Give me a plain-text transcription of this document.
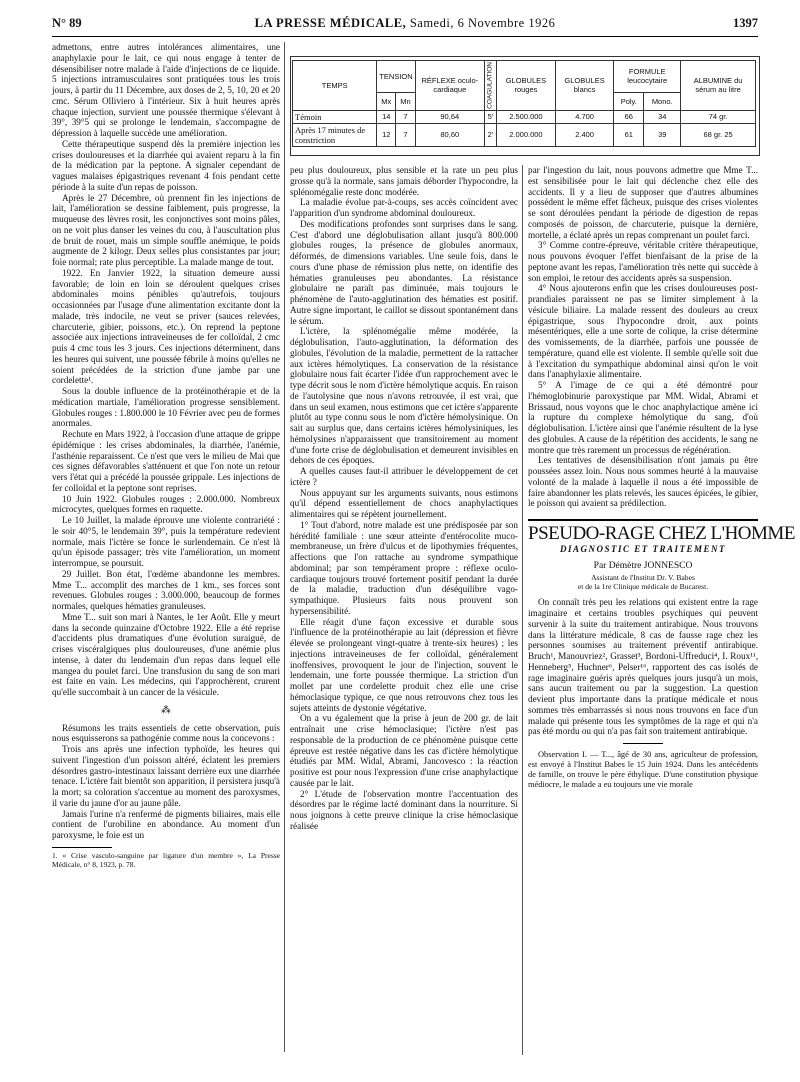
N° 89	LA PRESSE MÉDICALE, Samedi, 6 Novembre 1926	1397

admettons, entre autres intolérances alimentaires, une anaphylaxie pour le lait, ce qui nous engage à tenter de désensibiliser notre malade à l'aide d'injections de ce liquide. 5 injections intramusculaires sont pratiquées tous les trois jours, à partir du 11 Décembre, aux doses de 2, 5, 10, 20 et 20 cmc. Sérum Olliviero à l'intérieur. Six à huit heures après chaque injection, survient une poussée thermique s'élevant à 39°, 39°5 qui se prolonge le lendemain, s'accompagne de dépression à laquelle succède une amélioration.

Cette thérapeutique suspend dès la première injection les crises douloureuses et la diarrhée qui avaient reparu à la fin de la médication par la peptone. A signaler cependant de vagues malaises épigastriques revenant 4 fois pendant cette période à la suite d'un repas de poisson.

Après le 27 Décembre, où prennent fin les injections de lait, l'amélioration se dessine faiblement, puis progresse, la muqueuse des lèvres rosit, les conjonctives sont moins pâles, on ne voit plus danser les veines du cou, à l'auscultation plus de bruit de rouet, mais un simple souffle anémique, le poids augmente de 2 kilogr. Deux selles plus consistantes par jour; foie normal; rate plus perceptible. La malade mange de tout.

1922. En Janvier 1922, la situation demeure aussi favorable; de loin en loin se déroulent quelques crises abdominales moins pénibles qu'autrefois, toujours occasionnées par l'usage d'une alimentation excitante dont la malade, très indocile, ne veut se priver (sauces relevées, charcuterie, gibier, poissons, etc.). On reprend la peptone associée aux injections intraveineuses de fer colloïdal, 2 cmc puis 4 cmc tous les 3 jours. Ces injections déterminent, dans les heures qui suivent, une poussée fébrile à moins qu'elles ne soient précédées de la striction d'une jambe par une cordelette¹.

Sous la double influence de la protéinothérapie et de la médication martiale, l'amélioration progresse sensiblement. Globules rouges : 1.800.000 le 10 Février avec peu de formes anormales.

Rechute en Mars 1922, à l'occasion d'une attaque de grippe épidémique : les crises abdominales, la diarrhée, l'anémie, l'asthénie reparaissent. Ce n'est que vers le milieu de Mai que ces signes défavorables s'atténuent et que l'on note un retour vers l'état qui a précédé la poussée grippale. Les injections de fer colloïdal et la peptone sont reprises.

10 Juin 1922. Globules rouges : 2.000.000. Nombreux microcytes, quelques formes en raquette.

Le 10 Juillet, la malade éprouve une violente contrariété : le soir 40°5, le lendemain 39°, puis la température redevient normale, mais l'ictère se fonce le surlendemain. Ce n'est là qu'un épisode passager; très vite l'amélioration, un moment interrompue, se poursuit.

29 Juillet. Bon état, l'œdème abandonne les membres. Mme T... accomplit des marches de 1 km., ses forces sont revenues. Globules rouges : 3.000.000, beaucoup de formes normales, quelques hématies granuleuses.

Mme T... suit son mari à Nantes, le 1er Août. Elle y meurt dans la seconde quinzaine d'Octobre 1922. Elle a été reprise d'accidents plus dramatiques d'une évolution suraiguë, de crises viscéralgiques plus douloureuses, d'une anémie plus intense, à dater du lendemain d'un repas dans lequel elle mangea du poulet farci. Une transfusion du sang de son mari est faite en vain. Les médecins, qui l'approchèrent, crurent qu'elle succombait à un cancer de la vésicule.

⁂

Résumons les traits essentiels de cette observation, puis nous esquisserons sa pathogénie comme nous la concevons :

Trois ans après une infection typhoïde, les heures qui suivent l'ingestion d'un poisson altéré, éclatent les premiers désordres gastro-intestinaux laissant derrière eux une diarrhée tenace. L'ictère fait bientôt son apparition, il persistera jusqu'à la mort; sa coloration s'accentue au moment des paroxysmes, il varie du jaune d'or au jaune pâle.

Jamais l'urine n'a renfermé de pigments biliaires, mais elle contient de l'urobiline en abondance. Au moment d'un paroxysme, le foie est un

1. « Crise vasculo-sanguine par ligature d'un membre », La Presse Médicale, n° 8, 1923, p. 78.
TEMPS	TENSION		RÉFLEXE oculo-cardiaque	COAGULATION	GLOBULES rouges	GLOBULES blancs	FORMULE leucocytaire		ALBUMINE du sérum au litre
	Mx	Mn					Poly.	Mono.	
Témoin	14	7	90,64	5'	2.500.000	4.700	66	34	74 gr.
Après 17 minutes de constriction	12	7	80,60	2'	2.000.000	2.400	61	39	68 gr. 25

peu plus douloureux, plus sensible et la rate un peu plus grosse qu'à la normale, sans jamais déborder l'hypocondre, la splénomégalie reste donc modérée.

La maladie évolue par-à-coups, ses accès coïncident avec l'apparition d'un syndrome abdominal douloureux.

Des modifications profondes sont surprises dans le sang. C'est d'abord une déglobulisation allant jusqu'à 800.000 globules rouges, la présence de globules anormaux, déformés, de dimensions variables. Une seule fois, dans le cours d'une phase de rémission plus nette, on identifie des hématies granuleuses peu abondantes. La résistance globulaire ne paraît pas diminuée, mais toujours le phénomène de l'auto-agglutination des hématies est positif. Autre signe important, le caillot se dissout spontanément dans le sérum.

L'ictère, la splénomégalie même modérée, la déglobulisation, l'auto-agglutination, la déformation des globules, l'évolution de la maladie, permettent de la rattacher aux ictères hémolytiques. La conservation de la résistance globulaire nous fait écarter l'idée d'un rapprochement avec le type décrit sous le nom d'ictère hémolytique acquis. En raison de l'autolysine que nous n'avons retrouvée, il est vrai, que dans un seul examen, nous estimons que cet ictère s'apparente plutôt au type connu sous le nom d'ictère hémolysinique. On sait au surplus que, dans certains ictères hémolysiniques, les hémolysines n'apparaissent que transitoirement au moment d'une forte crise de déglobulisation et demeurent invisibles en dehors de ces époques.

A quelles causes faut-il attribuer le développement de cet ictère ?

Nous appuyant sur les arguments suivants, nous estimons qu'il dépend essentiellement de chocs anaphylactiques alimentaires qui se répètent journellement.

1° Tout d'abord, notre malade est une prédisposée par son hérédité familiale : une sœur atteinte d'entérocolite muco-membraneuse, un frère d'ulcus et de lipothymies fréquentes, affections que l'on rattache au syndrome sympathique abdominal; par son tempérament propre : réflexe oculo-cardiaque toujours trouvé fortement positif pendant la durée de la maladie, traduction d'un déséquilibre vago-sympathique. Plusieurs faits nous prouvent son hypersensibilité.

Elle réagit d'une façon excessive et durable sous l'influence de la protéinothérapie au lait (dépression et fièvre élevée se prolongeant vingt-quatre à trente-six heures) ; les injections intraveineuses de fer colloïdal, généralement inoffensives, provoquent le jour de l'injection, souvent le lendemain, une forte poussée thermique. La striction d'un mollet par une cordelette produit chez elle une crise hémoclasique typique, ce que nous retrouvons chez tous les sujets atteints de dystonie végétative.

On a vu également que la prise à jeun de 200 gr. de lait entraînait une crise hémoclasique; l'ictère n'est pas responsable de la production de ce phénomène puisque cette épreuve est restée négative dans les cas d'ictère hémolytique étudiés par MM. Widal, Abrami, Jancovesco : la réaction positive est pour nous l'expression d'une crise anaphylactique causée par le lait.

2° L'étude de l'observation montre l'accentuation des désordres par le régime lacté dominant dans la nourriture. Si nous joignons à cette preuve clinique la crise hémoclasique réalisée

par l'ingestion du lait, nous pouvons admettre que Mme T... est sensibilisée pour le lait qui déclenche chez elle des accidents. Il y a lieu de supposer que d'autres albumines possèdent le même effet fâcheux, puisque des crises violentes se sont déroulées pendant la période de digestion de repas composés de poisson, de charcuterie, puisque la dernière, mortelle, a éclaté après un repas comprenant un poulet farci.

3° Comme contre-épreuve, véritable critère thérapeutique, nous pouvons évoquer l'effet bienfaisant de la prise de la peptone avant les repas, l'amélioration très nette qui succède à son emploi, le retour des accidents après sa suspension.

4° Nous ajouterons enfin que les crises douloureuses post-prandiales paraissent ne pas se limiter simplement à la vésicule biliaire. La malade ressent des douleurs au creux épigastrique, sous l'hypocondre droit, aux points mésentériques, elle a une sorte de colique, la crise détermine des vomissements, de la diarrhée, parfois une poussée de température, quand elle est violente. Il semble qu'elle soit due à l'excitation du sympathique abdominal ainsi qu'on le voit dans l'anaphylaxie alimentaire.

5° A l'image de ce qui a été démontré pour l'hémoglobinurie paroxystique par MM. Widal, Abrami et Brissaud, nous voyons que le choc anaphylactique amène ici la rupture du complexe hémolytique du sang, d'où déglobulisation. L'ictère ainsi que l'anémie résultent de la lyse des globules. A cause de la répétition des accidents, le sang ne montre que très rarement un processus de régénération.

Les tentatives de désensibilisation n'ont jamais pu être poussées assez loin. Nous nous sommes heurté à la mauvaise volonté de la malade à laquelle il nous a été impossible de faire abandonner les plats relevés, les sauces épicées, le gibier, le poisson qui avaient sa prédilection.

PSEUDO-RAGE CHEZ L'HOMME
DIAGNOSTIC ET TRAITEMENT
Par Démètre JONNESCO
Assistant de l'Institut Dr. V. Babes
et de la 1re Clinique médicale de Bucarest.

On connaît très peu les relations qui existent entre la rage imaginaire et certains troubles psychiques qui peuvent survenir à la suite du traitement antirabique. Nous trouvons dans la littérature médicale, 8 cas de fausse rage chez les personnes soumises au traitement préventif antirabique. Bruch¹, Manouvriez², Grasset³, Bordoni-Uffreduci⁴, I. Roux¹¹, Henneberg⁵, Huchner⁶, Pelser¹⁶, rapportent des cas isolés de rage imaginaire guéris après quelques jours jusqu'à un mois, sans aucun traitement ou par la suggestion. La question devient plus importante dans la pratique médicale et nous sommes très embarrassés si nous nous trouvons en face d'un malade qui présente tous les symptômes de la rage et qui n'a pas été mordu ou qui n'a pas fait son traitement antirabique.

Observation I. — T..., âgé de 30 ans, agriculteur de profession, est envoyé à l'Institut Babes le 15 Juin 1924. Dans les antécédents de famille, on trouve le père éthylique. D'une constitution physique médiocre, le malade a eu toujours une vie morale
